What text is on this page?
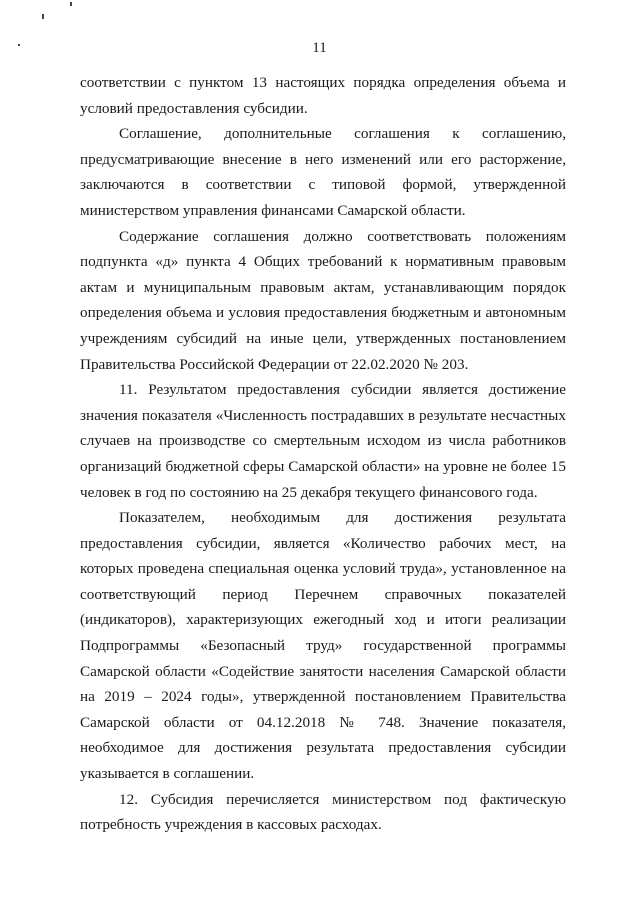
11

соответствии с пунктом 13 настоящих порядка определения объема и условий предоставления субсидии.

Соглашение, дополнительные соглашения к соглашению, предусматривающие внесение в него изменений или его расторжение, заключаются в соответствии с типовой формой, утвержденной министерством управления финансами Самарской области.

Содержание соглашения должно соответствовать положениям подпункта «д» пункта 4 Общих требований к нормативным правовым актам и муниципальным правовым актам, устанавливающим порядок определения объема и условия предоставления бюджетным и автономным учреждениям субсидий на иные цели, утвержденных постановлением Правительства Российской Федерации от 22.02.2020 № 203.

11. Результатом предоставления субсидии является достижение значения показателя «Численность пострадавших в результате несчастных случаев на производстве со смертельным исходом из числа работников организаций бюджетной сферы Самарской области» на уровне не более 15 человек в год по состоянию на 25 декабря текущего финансового года.

Показателем, необходимым для достижения результата предоставления субсидии, является «Количество рабочих мест, на которых проведена специальная оценка условий труда», установленное на соответствующий период Перечнем справочных показателей (индикаторов), характеризующих ежегодный ход и итоги реализации Подпрограммы «Безопасный труд» государственной программы Самарской области «Содействие занятости населения Самарской области на 2019 – 2024 годы», утвержденной постановлением Правительства Самарской области от 04.12.2018 № 748. Значение показателя, необходимое для достижения результата предоставления субсидии указывается в соглашении.

12. Субсидия перечисляется министерством под фактическую потребность учреждения в кассовых расходах.
